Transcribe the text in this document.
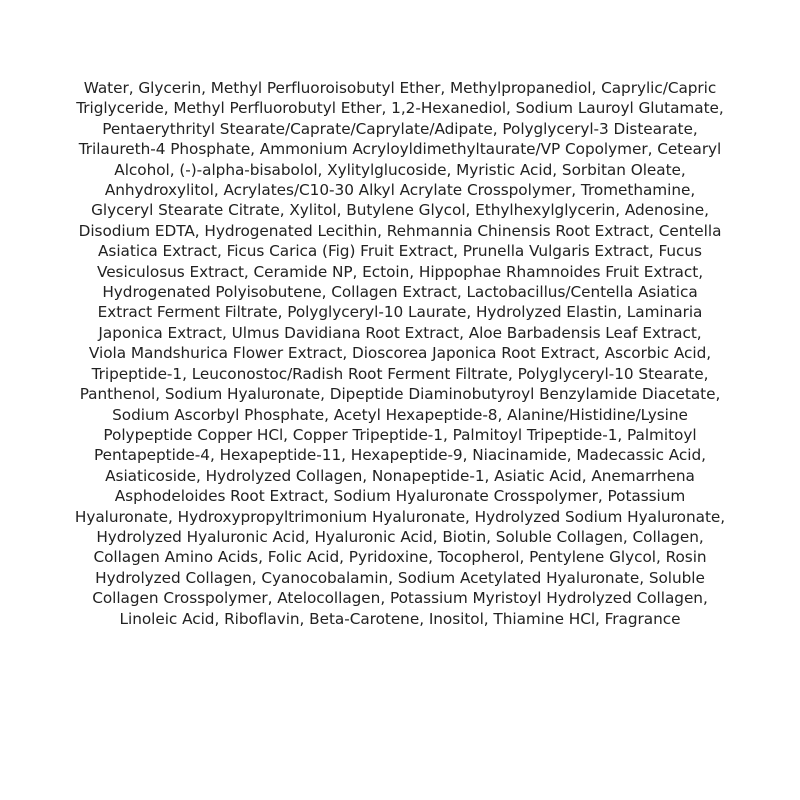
Water, Glycerin, Methyl Perfluoroisobutyl Ether, Methylpropanediol, Caprylic/Capric
Triglyceride, Methyl Perfluorobutyl Ether, 1,2-Hexanediol, Sodium Lauroyl Glutamate,
Pentaerythrityl Stearate/Caprate/Caprylate/Adipate, Polyglyceryl-3 Distearate,
Trilaureth-4 Phosphate, Ammonium Acryloyldimethyltaurate/VP Copolymer, Cetearyl
Alcohol, (-)-alpha-bisabolol, Xylitylglucoside, Myristic Acid, Sorbitan Oleate,
Anhydroxylitol, Acrylates/C10-30 Alkyl Acrylate Crosspolymer, Tromethamine,
Glyceryl Stearate Citrate, Xylitol, Butylene Glycol, Ethylhexylglycerin, Adenosine,
Disodium EDTA, Hydrogenated Lecithin, Rehmannia Chinensis Root Extract, Centella
Asiatica Extract, Ficus Carica (Fig) Fruit Extract, Prunella Vulgaris Extract, Fucus
Vesiculosus Extract, Ceramide NP, Ectoin, Hippophae Rhamnoides Fruit Extract,
Hydrogenated Polyisobutene, Collagen Extract, Lactobacillus/Centella Asiatica
Extract Ferment Filtrate, Polyglyceryl-10 Laurate, Hydrolyzed Elastin, Laminaria
Japonica Extract, Ulmus Davidiana Root Extract, Aloe Barbadensis Leaf Extract,
Viola Mandshurica Flower Extract, Dioscorea Japonica Root Extract, Ascorbic Acid,
Tripeptide-1, Leuconostoc/Radish Root Ferment Filtrate, Polyglyceryl-10 Stearate,
Panthenol, Sodium Hyaluronate, Dipeptide Diaminobutyroyl Benzylamide Diacetate,
Sodium Ascorbyl Phosphate, Acetyl Hexapeptide-8, Alanine/Histidine/Lysine
Polypeptide Copper HCl, Copper Tripeptide-1, Palmitoyl Tripeptide-1, Palmitoyl
Pentapeptide-4, Hexapeptide-11, Hexapeptide-9, Niacinamide, Madecassic Acid,
Asiaticoside, Hydrolyzed Collagen, Nonapeptide-1, Asiatic Acid, Anemarrhena
Asphodeloides Root Extract, Sodium Hyaluronate Crosspolymer, Potassium
Hyaluronate, Hydroxypropyltrimonium Hyaluronate, Hydrolyzed Sodium Hyaluronate,
Hydrolyzed Hyaluronic Acid, Hyaluronic Acid, Biotin, Soluble Collagen, Collagen,
Collagen Amino Acids, Folic Acid, Pyridoxine, Tocopherol, Pentylene Glycol, Rosin
Hydrolyzed Collagen, Cyanocobalamin, Sodium Acetylated Hyaluronate, Soluble
Collagen Crosspolymer, Atelocollagen, Potassium Myristoyl Hydrolyzed Collagen,
Linoleic Acid, Riboflavin, Beta-Carotene, Inositol, Thiamine HCl, Fragrance
